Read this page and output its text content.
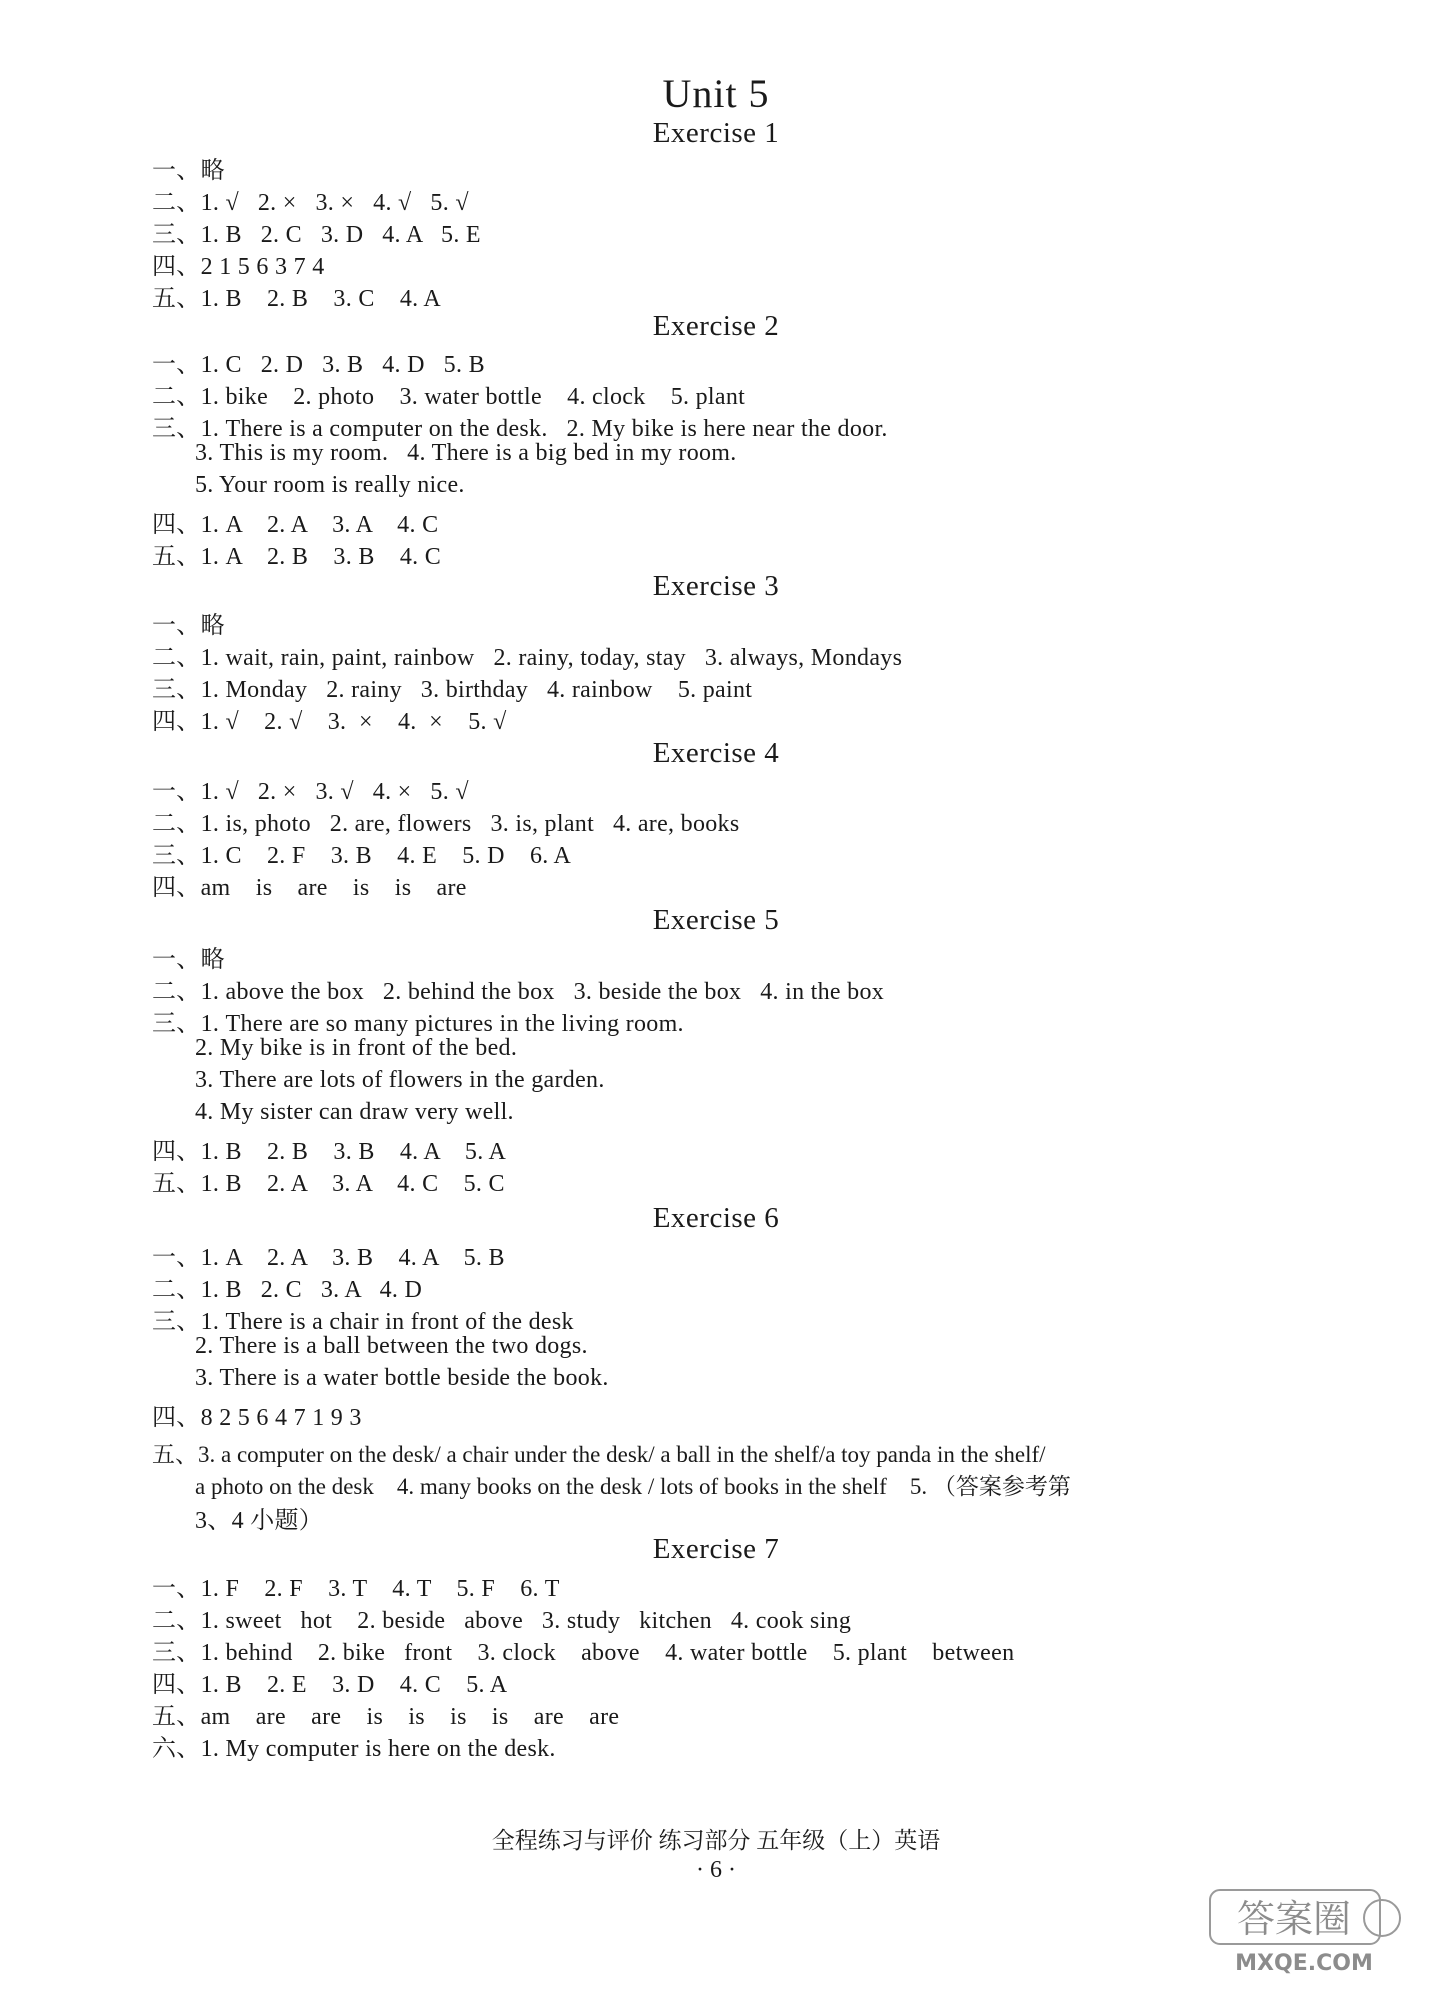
Unit 5
Exercise 1
一、略
二、1. √   2. ×   3. ×   4. √   5. √
三、1. B   2. C   3. D   4. A   5. E
四、2 1 5 6 3 7 4
五、1. B    2. B    3. C    4. A
Exercise 2
一、1. C   2. D   3. B   4. D   5. B
二、1. bike    2. photo    3. water bottle    4. clock    5. plant
三、1. There is a computer on the desk.   2. My bike is here near the door.
3. This is my room.   4. There is a big bed in my room.
5. Your room is really nice.
四、1. A    2. A    3. A    4. C
五、1. A    2. B    3. B    4. C
Exercise 3
一、略
二、1. wait, rain, paint, rainbow   2. rainy, today, stay   3. always, Mondays
三、1. Monday   2. rainy   3. birthday   4. rainbow    5. paint
四、1. √    2. √    3.  ×    4.  ×    5. √
Exercise 4
一、1. √   2. ×   3. √   4. ×   5. √
二、1. is, photo   2. are, flowers   3. is, plant   4. are, books
三、1. C    2. F    3. B    4. E    5. D    6. A
四、am    is    are    is    is    are
Exercise 5
一、略
二、1. above the box   2. behind the box   3. beside the box   4. in the box
三、1. There are so many pictures in the living room.
2. My bike is in front of the bed.
3. There are lots of flowers in the garden.
4. My sister can draw very well.
四、1. B    2. B    3. B    4. A    5. A
五、1. B    2. A    3. A    4. C    5. C
Exercise 6
一、1. A    2. A    3. B    4. A    5. B
二、1. B   2. C   3. A   4. D
三、1. There is a chair in front of the desk
2. There is a ball between the two dogs.
3. There is a water bottle beside the book.
四、8 2 5 6 4 7 1 9 3
五、3. a computer on the desk/ a chair under the desk/ a ball in the shelf/a toy panda in the shelf/
a photo on the desk    4. many books on the desk / lots of books in the shelf    5. （答案参考第
3、4 小题）
Exercise 7
一、1. F    2. F    3. T    4. T    5. F    6. T
二、1. sweet   hot    2. beside   above   3. study   kitchen   4. cook sing
三、1. behind    2. bike   front    3. clock    above    4. water bottle    5. plant    between
四、1. B    2. E    3. D    4. C    5. A
五、am    are    are    is    is    is    is    are    are
六、1. My computer is here on the desk.
全程练习与评价 练习部分 五年级（上）英语
· 6 ·
答案圈
MXQE.COM
